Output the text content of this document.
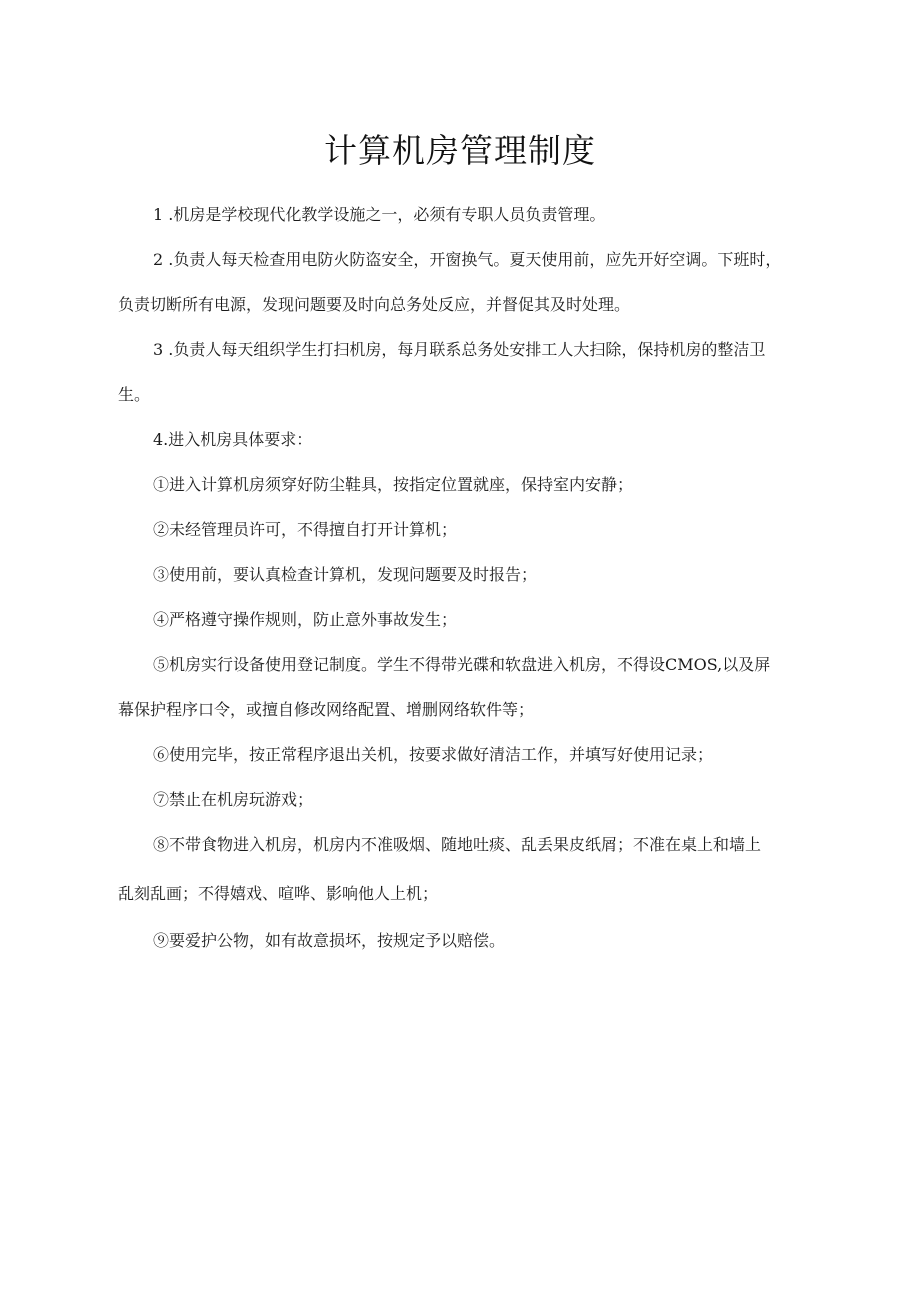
计算机房管理制度
1 .机房是学校现代化教学设施之一，必须有专职人员负责管理。
2 .负责人每天检查用电防火防盗安全，开窗换气。夏天使用前，应先开好空调。下班时，
负责切断所有电源，发现问题要及时向总务处反应，并督促其及时处理。
3 .负责人每天组织学生打扫机房，每月联系总务处安排工人大扫除，保持机房的整洁卫
生。
4.进入机房具体要求：
①进入计算机房须穿好防尘鞋具，按指定位置就座，保持室内安静；
②未经管理员许可，不得擅自打开计算机；
③使用前，要认真检查计算机，发现问题要及时报告；
④严格遵守操作规则，防止意外事故发生；
⑤机房实行设备使用登记制度。学生不得带光碟和软盘进入机房，不得设CMOS,以及屏
幕保护程序口令，或擅自修改网络配置、增删网络软件等；
⑥使用完毕，按正常程序退出关机，按要求做好清洁工作，并填写好使用记录；
⑦禁止在机房玩游戏；
⑧不带食物进入机房，机房内不准吸烟、随地吐痰、乱丢果皮纸屑；不准在桌上和墙上
乱刻乱画；不得嬉戏、喧哗、影响他人上机；
⑨要爱护公物，如有故意损坏，按规定予以赔偿。
